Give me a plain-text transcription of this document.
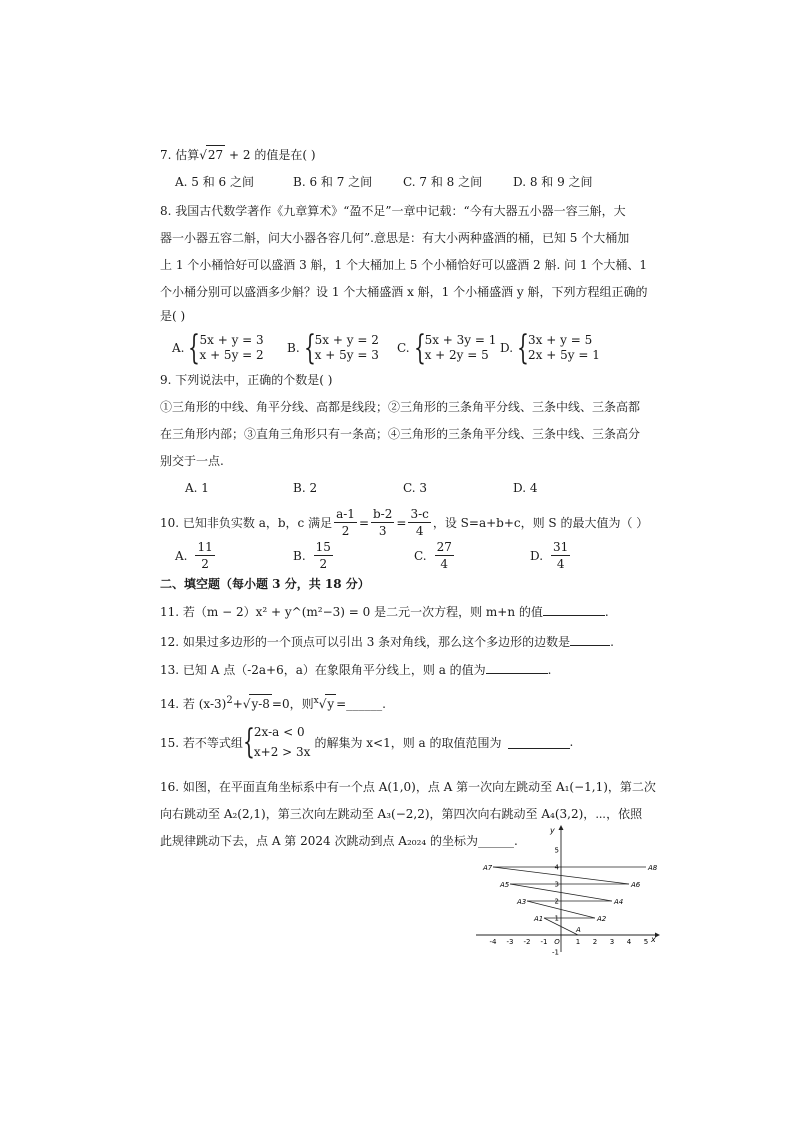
7. 估算√27 + 2 的值是在( )
A. 5 和 6 之间	B. 6 和 7 之间	C. 7 和 8 之间	D. 8 和 9 之间
8. 我国古代数学著作《九章算术》“盈不足”一章中记载：“今有大器五小器一容三斛，大
器一小器五容二斛，问大小器各容几何”.意思是：有大小两种盛酒的桶，已知 5 个大桶加
上 1 个小桶恰好可以盛酒 3 斛，1 个大桶加上 5 个小桶恰好可以盛酒 2 斛. 问 1 个大桶、1
个小桶分别可以盛酒多少斛？设 1 个大桶盛酒 x 斛，1 个小桶盛酒 y 斛，下列方程组正确的
是( )
A. { 5x + y = 3
x + 5y = 2 B. { 5x + y = 2
x + 5y = 3 C. { 5x + 3y = 1
x + 2y = 5 D. { 3x + y = 5
2x + 5y = 1
9. 下列说法中，正确的个数是( )
①三角形的中线、角平分线、高都是线段；②三角形的三条角平分线、三条中线、三条高都
在三角形内部；③直角三角形只有一条高；④三角形的三条角平分线、三条中线、三条高分
别交于一点.
A. 1	B. 2	C. 3	D. 4
10. 已知非负实数 a，b，c 满足 $\frac{a-1}{2} = \frac{b-2}{3} = \frac{3-c}{4}$ ，设 S=a+b+c，则 S 的最大值为（ ）
A. $\frac{11}{2}$	B. $\frac{15}{2}$	C. $\frac{27}{4}$	D. $\frac{31}{4}$
二、填空题（每小题 3 分，共 18 分）
11. 若（m − 2）x² + y^(m²−3) = 0 是二元一次方程，则 m+n 的值	.
12. 如果过多边形的一个顶点可以引出 3 条对角线，那么这个多边形的边数是	.
13. 已知 A 点（-2a+6，a）在象限角平分线上，则 a 的值为	.
14. 若 $(x-3)^2+√y-8 =0$，则$^x$√y =______.
15. 若不等式组 { 2x-a < 0
x+2 > 3x
的解集为 x<1，则 a 的取值范围为	.
16. 如图，在平面直角坐标系中有一个点 A(1,0)，点 A 第一次向左跳动至 A₁(−1,1)，第二次
向右跳动至 A₂(2,1)，第三次向左跳动至 A₃(−2,2)，第四次向右跳动至 A₄(3,2)，⋯，依照
此规律跳动下去，点 A 第 2024 次跳动到点 A₂₀₂₄ 的坐标为______.
x
y
-4 -3 -2 -1 O 1 2 3 4 5
-1
1
2
3
4
5
A
A1	A2
A3	A4
A5	A6
A7	A8
